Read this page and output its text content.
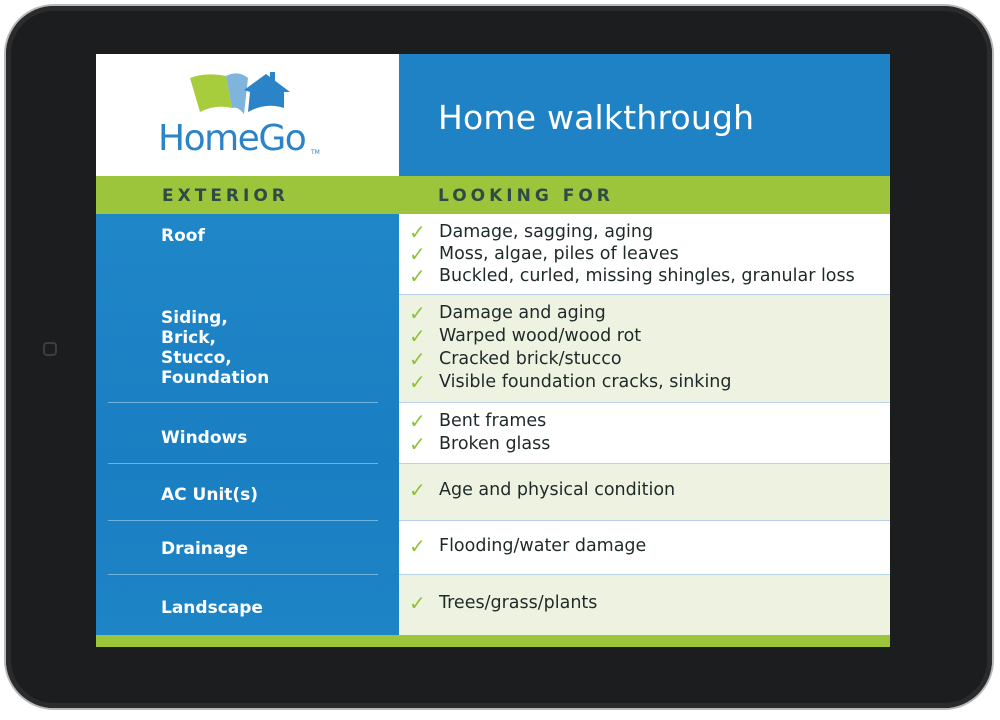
HomeGo TM
Home walkthrough
EXTERIOR	LOOKING FOR
Roof
Siding,
Brick,
Stucco,
Foundation
Windows
AC Unit(s)
Drainage
Landscape
✓ Damage, sagging, aging
✓ Moss, algae, piles of leaves
✓ Buckled, curled, missing shingles, granular loss
✓ Damage and aging
✓ Warped wood/wood rot
✓ Cracked brick/stucco
✓ Visible foundation cracks, sinking
✓ Bent frames
✓ Broken glass
✓ Age and physical condition
✓ Flooding/water damage
✓ Trees/grass/plants
